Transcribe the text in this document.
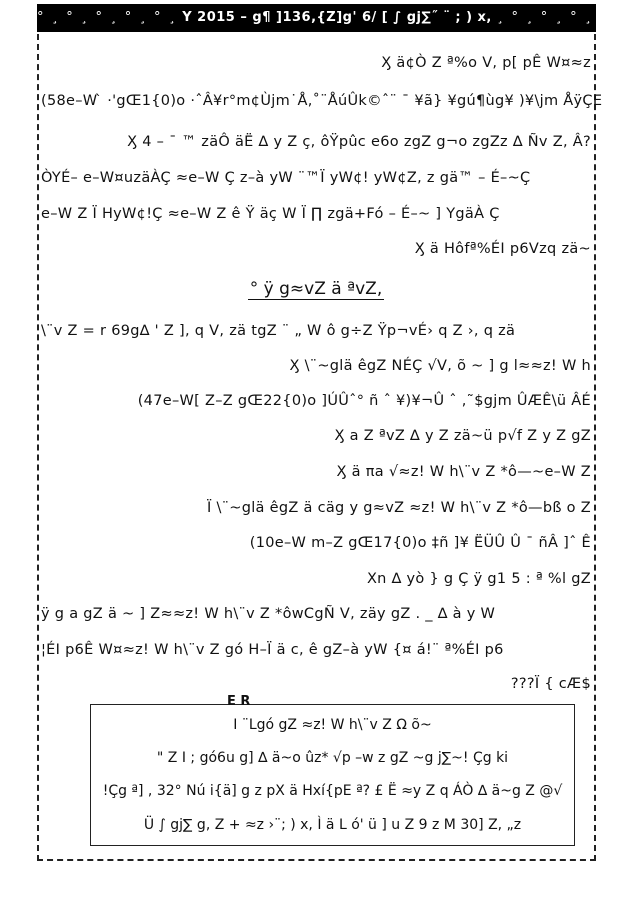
° ¸ ° ¸ ° ¸ ° ¸ ° ¸ Y 2015 – g¶ ]136,{Z]g' 6/ [ ∫ gj∑˝ ¨ ; ) x, ¸ ° ¸ ° ¸ ° ¸ ° ¸ °
Ӽ ä¢Ò Z ª%o V, p[ pÊ W¤≈z
(58e–W ̀ ·'gŒ1{0)o ·ˆÂ¥r°m¢Ùjm˙Å,˚¨ÅúÛk©ˆ¨ ¯ ¥ã} ¥gú¶ùg¥ )¥\jm ÅÿÇE
Ӽ 4 – ¯ ™ zäÔ äË ∆ y Z ç, ôŸpûc e6o zgZ g¬o zgZz ∆ Ñv Z, Â?
ÒYÉ– e–W¤uzäÀÇ ≈e–W Ç z–à yW ¨™Ï yW¢! yW¢Z, z gä™ – É–~Ç
e–W Z Ï HyW¢!Ç ≈e–W Z ê Ÿ äç W Ï ∏ zgä+Fó – É–~ ] YgäÀ Ç
Ӽ ä Hôfª%ÉI p6Vzq zä~
° ÿ g≈vZ ä ªvZ,
\¨v Z = r 69g∆ ' Z ], q V, zä tgZ ¨ „ W ô g÷Z Ÿp¬vÉ› q Z ›, q zä
Ӽ \¨~glä êgZ NÉÇ √V, õ ~ ] g l≈≈z! W h
(47e–W[ Z–Z gŒ22{0)o ]ÚÛˆ° ñ ˆ ¥)¥¬Û ˆ ,˜$gjm ÛÆÊ\ü ÂÉ
Ӽ a Z ªvZ ∆ y Z zä~ü p√f Z y Z gZ
Ӽ ä πa √≈z! W h\¨v Z *ô—~e–W Z
Ï \¨~glä êgZ ä cäg y g≈vZ ≈z! W h\¨v Z *ô—bß o Z
(10e–W m–Z gŒ17{0)o ‡ñ ]¥ ËÜÛ Û ¯ ñÂ ]ˆ Ê
Xn ∆ yò } g Ç ÿ g1 5 : ª %l gZ
ÿ g a gZ ä ~ ] Z≈≈z! W h\¨v Z *ôwCgÑ V, zäy gZ . _ ∆ à y W
¦ÉI p6Ê W¤≈z! W h\¨v Z gó H–Ï ä c, ê gZ–à yW {¤ á!¨ ª%ÉI p6
???Ï { cÆ$
E R
I ¨Lgó gZ ≈z! W h\¨v Z Ω õ~
" Z I ; gó6u g] ∆ ä~o ûz* √p –w z gZ ~g j∑~! Çg ki
!Çg ª] , 32° Nú i{ä] g z pX ä Hxí{pE ª? £ Ë ≈y Z q ÁÒ ∆ ä~g Z @√
Ü ∫ gj∑ g, Z + ≈z ›¨; ) x, Ì ä L ó' ü ] u Z 9 z M 30] Z, „z
